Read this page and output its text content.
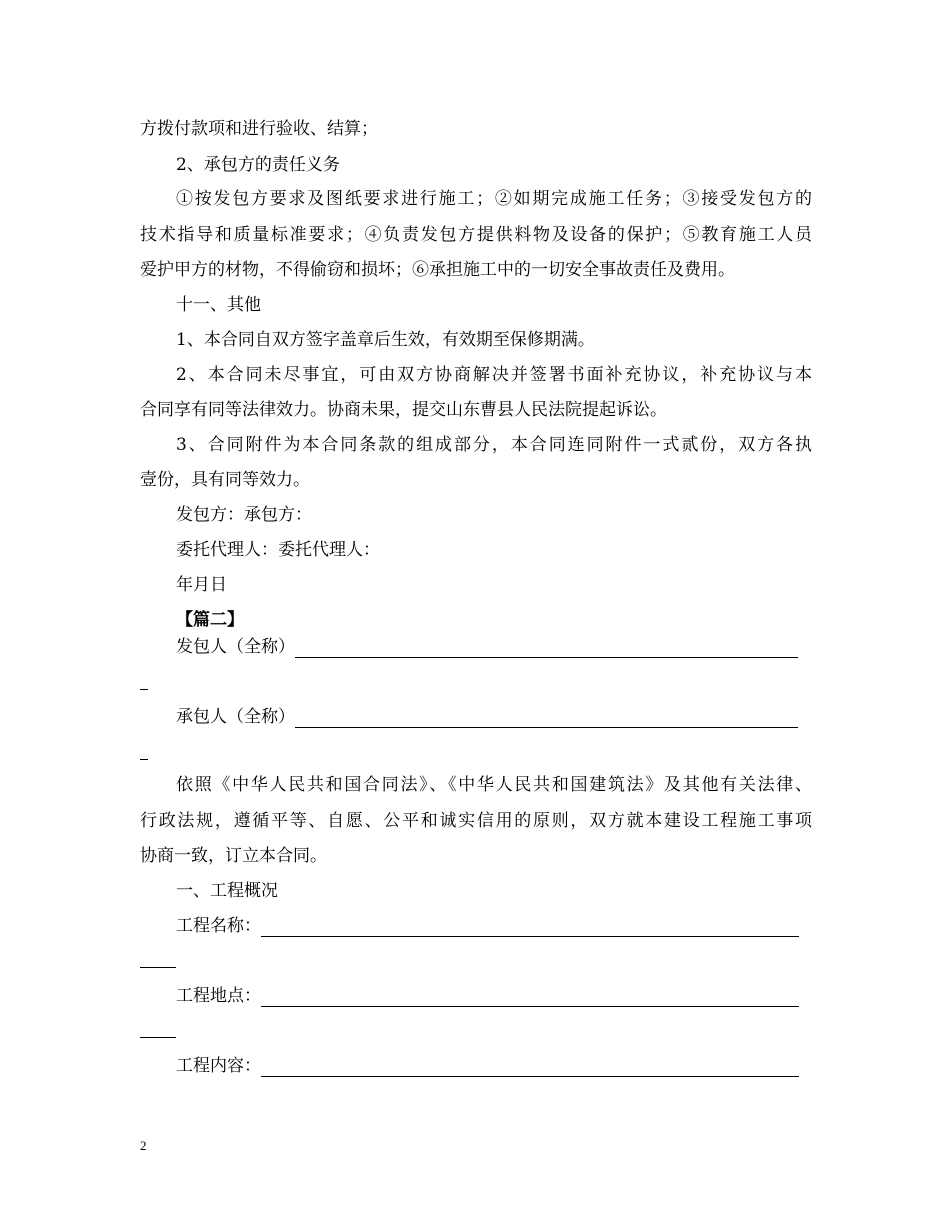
方拨付款项和进行验收、结算；
2、承包方的责任义务
①按发包方要求及图纸要求进行施工；②如期完成施工任务；③接受发包方的
技术指导和质量标准要求；④负责发包方提供料物及设备的保护；⑤教育施工人员
爱护甲方的材物，不得偷窃和损坏；⑥承担施工中的一切安全事故责任及费用。
十一、其他
1、本合同自双方签字盖章后生效，有效期至保修期满。
2、本合同未尽事宜，可由双方协商解决并签署书面补充协议，补充协议与本
合同享有同等法律效力。协商未果，提交山东曹县人民法院提起诉讼。
3、合同附件为本合同条款的组成部分，本合同连同附件一式贰份，双方各执
壹份，具有同等效力。
发包方：承包方：
委托代理人：委托代理人：
年月日
【篇二】
发包人（全称）
承包人（全称）
依照《中华人民共和国合同法》、《中华人民共和国建筑法》及其他有关法律、
行政法规，遵循平等、自愿、公平和诚实信用的原则，双方就本建设工程施工事项
协商一致，订立本合同。
一、工程概况
工程名称：
工程地点：
工程内容：
2
